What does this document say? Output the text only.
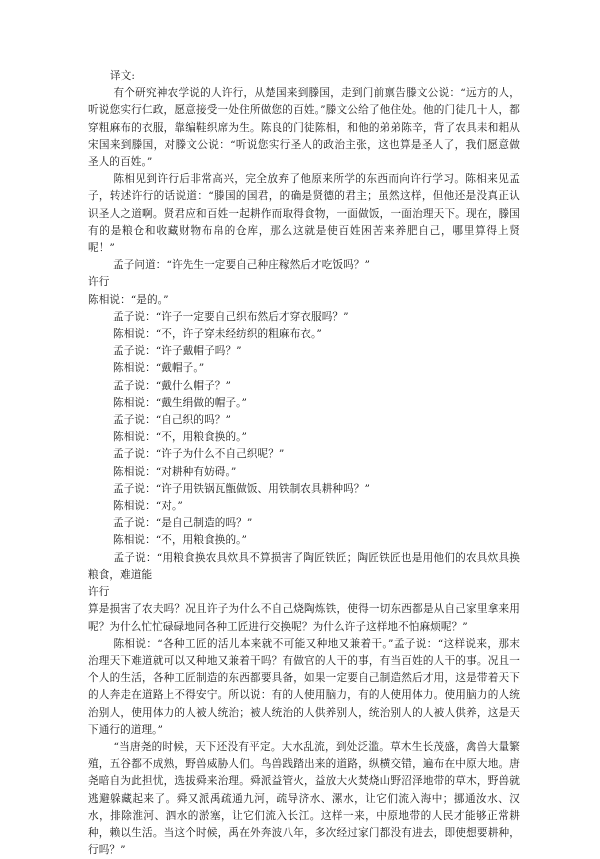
译文:

有个研究神农学说的人许行，从楚国来到滕国，走到门前禀告滕文公说：“远方的人，听说您实行仁政，愿意接受一处住所做您的百姓。”滕文公给了他住处。他的门徒几十人，都穿粗麻布的衣服，靠编鞋织席为生。陈良的门徒陈相，和他的弟弟陈辛，背了农具耒和耜从宋国来到滕国，对滕文公说：“听说您实行圣人的政治主张，这也算是圣人了，我们愿意做圣人的百姓。”

陈相见到许行后非常高兴，完全放弃了他原来所学的东西而向许行学习。陈相来见孟子，转述许行的话说道：“滕国的国君，的确是贤德的君主；虽然这样，但他还是没真正认识圣人之道啊。贤君应和百姓一起耕作而取得食物，一面做饭，一面治理天下。现在，滕国有的是粮仓和收藏财物布帛的仓库，那么这就是使百姓困苦来养肥自己，哪里算得上贤呢！”

孟子问道：“许先生一定要自己种庄稼然后才吃饭吗？”

许行

陈相说：“是的。”

孟子说：“许子一定要自己织布然后才穿衣服吗？”

陈相说：“不，许子穿未经纺织的粗麻布衣。”

孟子说：“许子戴帽子吗？”

陈相说：“戴帽子。”

孟子说：“戴什么帽子？”

陈相说：“戴生绢做的帽子。”

孟子说：“自己织的吗？”

陈相说：“不，用粮食换的。”

孟子说：“许子为什么不自己织呢？”

陈相说：“对耕种有妨碍。”

孟子说：“许子用铁锅瓦甑做饭、用铁制农具耕种吗？”

陈相说：“对。”

孟子说：“是自己制造的吗？”

陈相说：“不，用粮食换的。”

孟子说：“用粮食换农具炊具不算损害了陶匠铁匠；陶匠铁匠也是用他们的农具炊具换粮食，难道能

许行

算是损害了农夫吗？况且许子为什么不自己烧陶炼铁，使得一切东西都是从自己家里拿来用呢？为什么忙忙碌碌地同各种工匠进行交换呢？为什么许子这样地不怕麻烦呢？”

陈相说：“各种工匠的活儿本来就不可能又种地又兼着干。”孟子说：“这样说来，那末治理天下难道就可以又种地又兼着干吗？有做官的人干的事，有当百姓的人干的事。况且一个人的生活，各种工匠制造的东西都要具备，如果一定要自己制造然后才用，这是带着天下的人奔走在道路上不得安宁。所以说：有的人使用脑力，有的人使用体力。使用脑力的人统治别人，使用体力的人被人统治；被人统治的人供养别人，统治别人的人被人供养，这是天下通行的道理。”

“当唐尧的时候，天下还没有平定。大水乱流，到处泛滥。草木生长茂盛，禽兽大量繁殖，五谷都不成熟，野兽威胁人们。鸟兽践踏出来的道路，纵横交错，遍布在中原大地。唐尧暗自为此担忧，选拔舜来治理。舜派益管火，益放大火焚烧山野沼泽地带的草木，野兽就逃避躲藏起来了。舜又派禹疏通九河，疏导济水、漯水，让它们流入海中；挪通汝水、汉水，排除淮河、泗水的淤塞，让它们流入长江。这样一来，中原地带的人民才能够正常耕种，赖以生活。当这个时候，禹在外奔波八年，多次经过家门都没有进去，即使想要耕种，行吗？”
